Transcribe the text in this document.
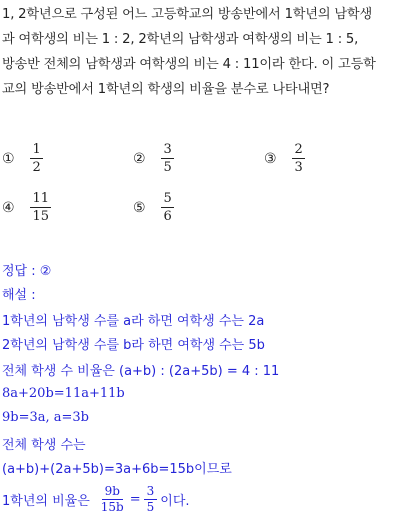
1, 2학년으로 구성된 어느 고등학교의 방송반에서 1학년의 남학생
과 여학생의 비는 1 : 2, 2학년의 남학생과 여학생의 비는 1 : 5,
방송반 전체의 남학생과 여학생의 비는 4 : 11이라 한다. 이 고등학
교의 방송반에서 1학년의 학생의 비율을 분수로 나타내면?
① $\frac{1}{2}$	② $\frac{3}{5}$	③ $\frac{2}{3}$
④ $\frac{11}{15}$	⑤ $\frac{5}{6}$
정답 : ②
해설 :
1학년의 남학생 수를 a라 하면 여학생 수는 2a
2학년의 남학생 수를 b라 하면 여학생 수는 5b
전체 학생 수 비율은 (a+b) : (2a+5b) = 4 : 11
8a+20b=11a+11b
9b=3a, a=3b
전체 학생 수는
(a+b)+(2a+5b)=3a+6b=15b이므로
1학년의 비율은 $\frac{9b}{15b} = \frac{3}{5}$ 이다.
